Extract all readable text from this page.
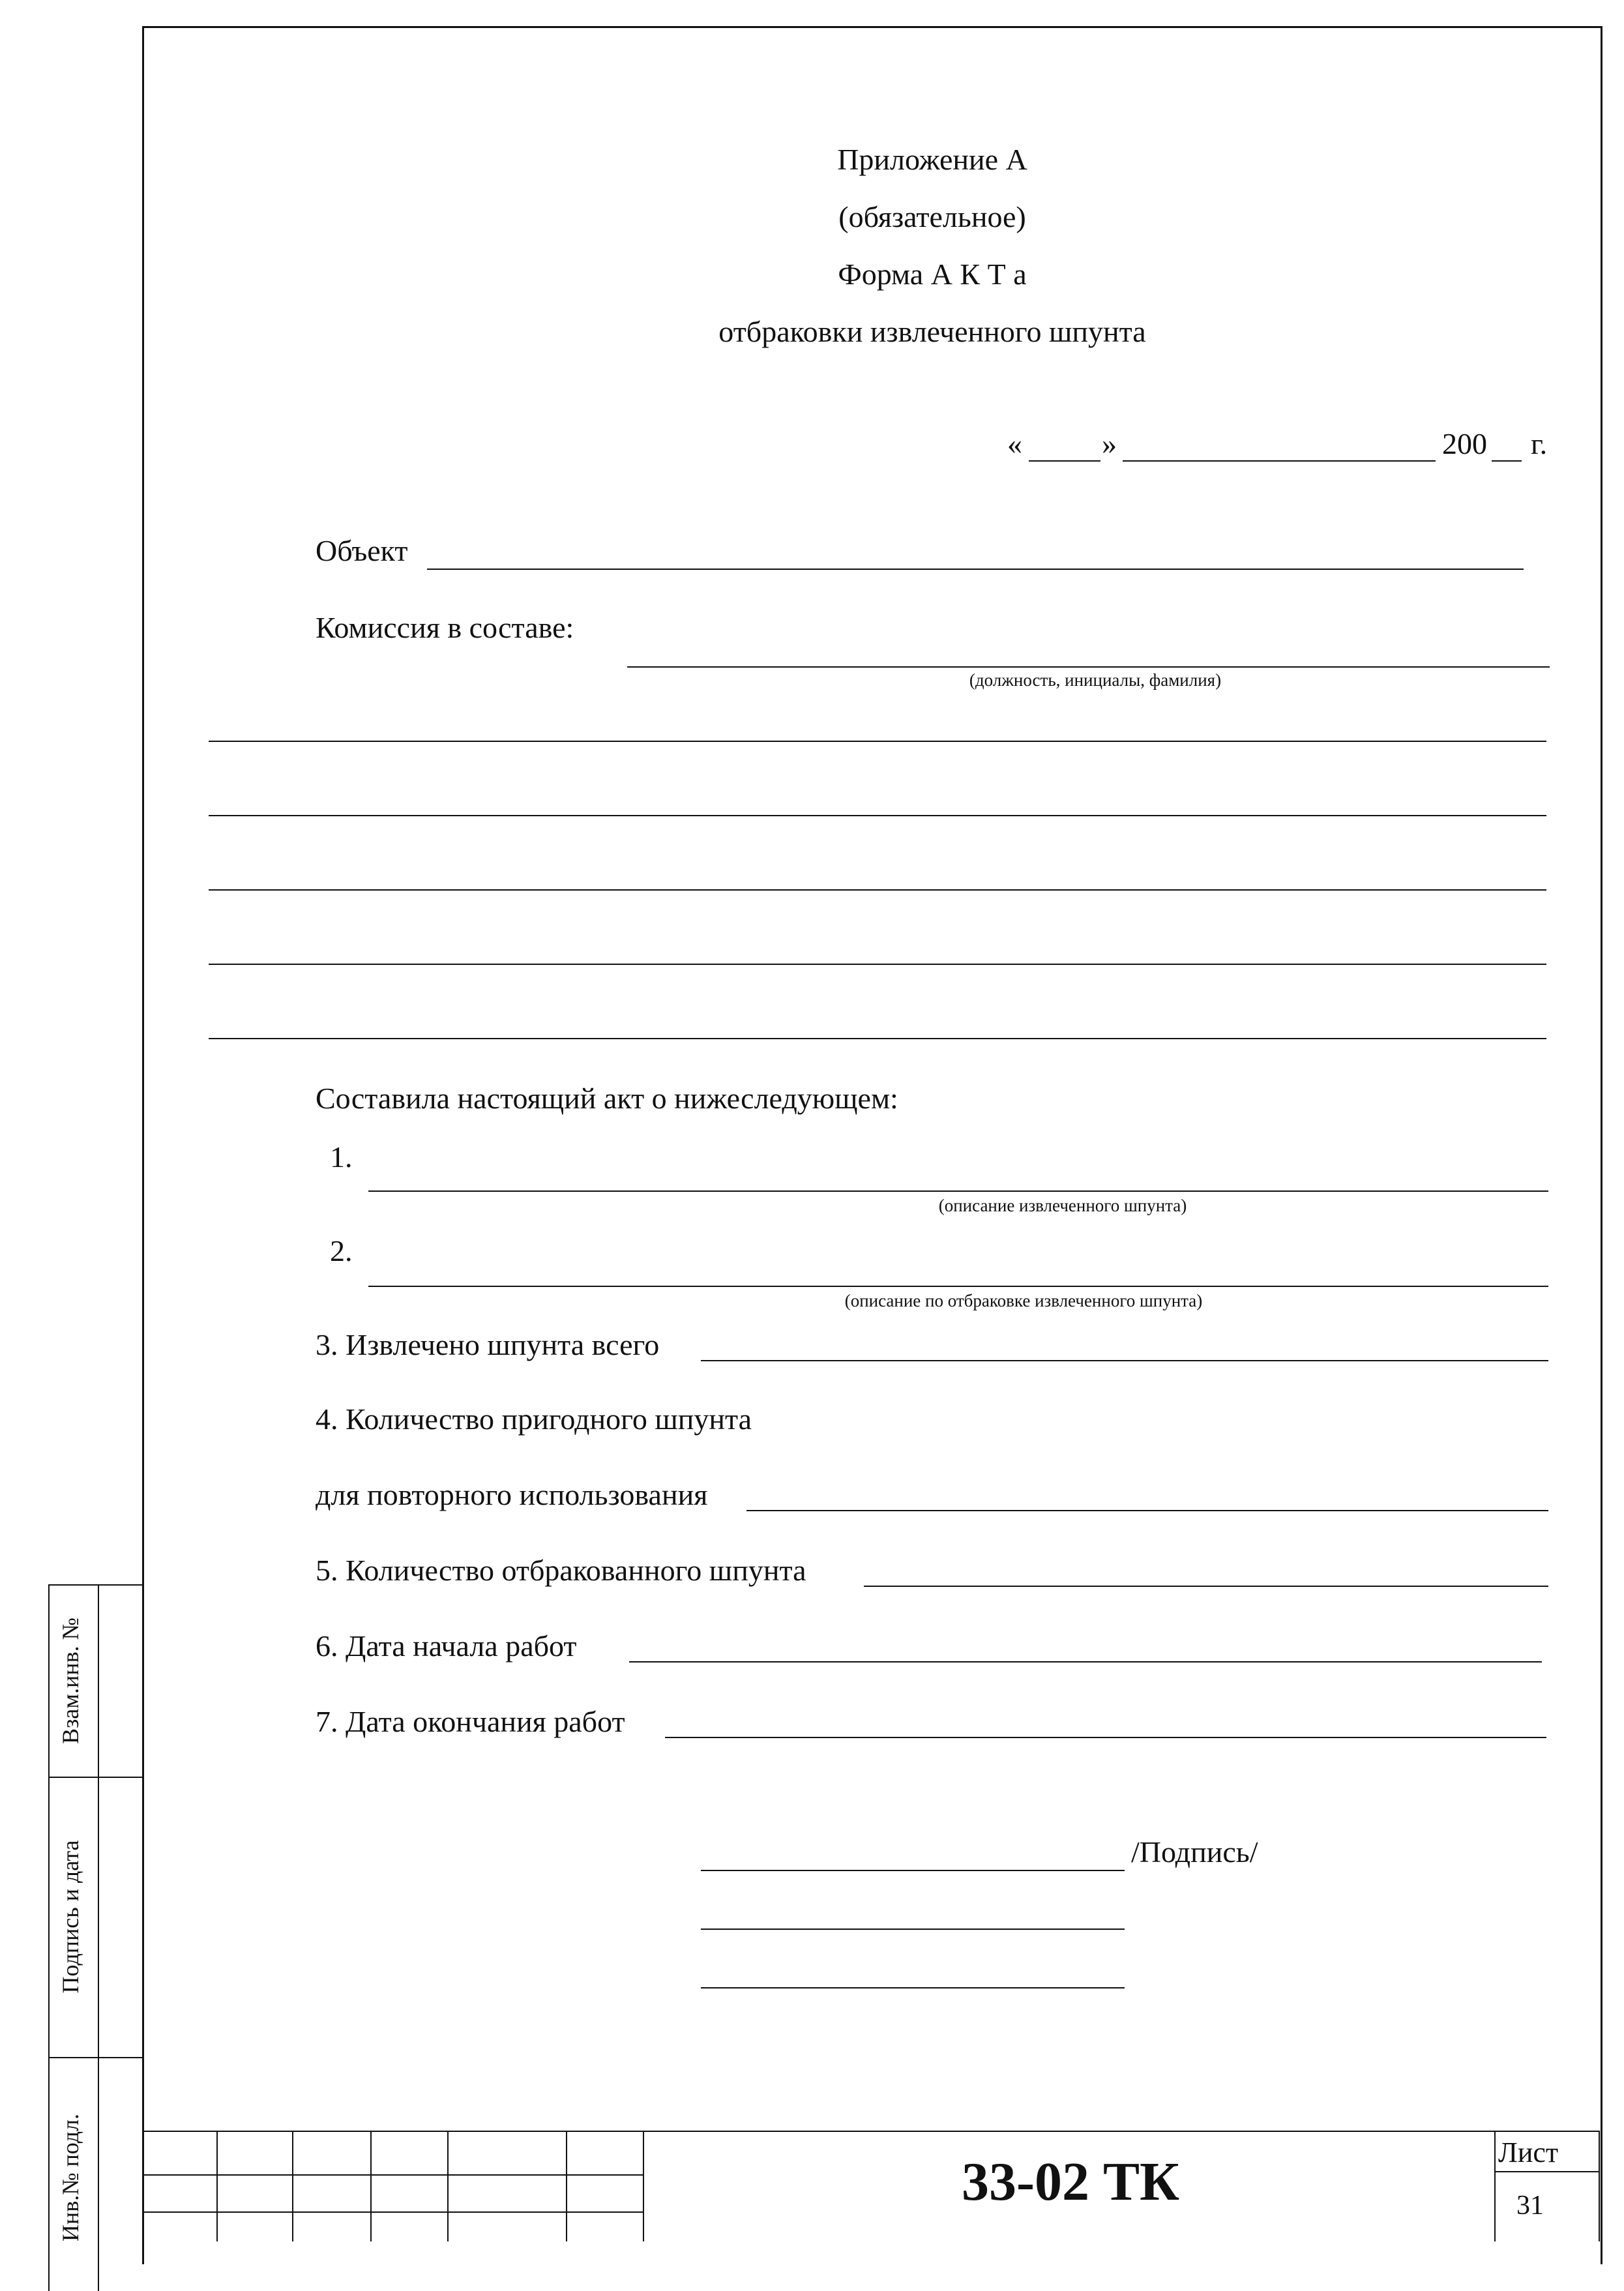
Приложение А
(обязательное)
Форма А К Т а
отбраковки извлеченного шпунта
«	»	200 г.
Объект
Комиссия в составе:
(должность, инициалы, фамилия)
Составила настоящий акт о нижеследующем:
1.
(описание извлеченного шпунта)
2.
(описание по отбраковке извлеченного шпунта)
3. Извлечено шпунта всего
4. Количество пригодного шпунта
для повторного использования
5. Количество отбракованного шпунта
6. Дата начала работ
7. Дата окончания работ
/Подпись/
Взам.инв. №
Подпись и дата
Инв.№ подл.	33-02 ТК	Лист
31
